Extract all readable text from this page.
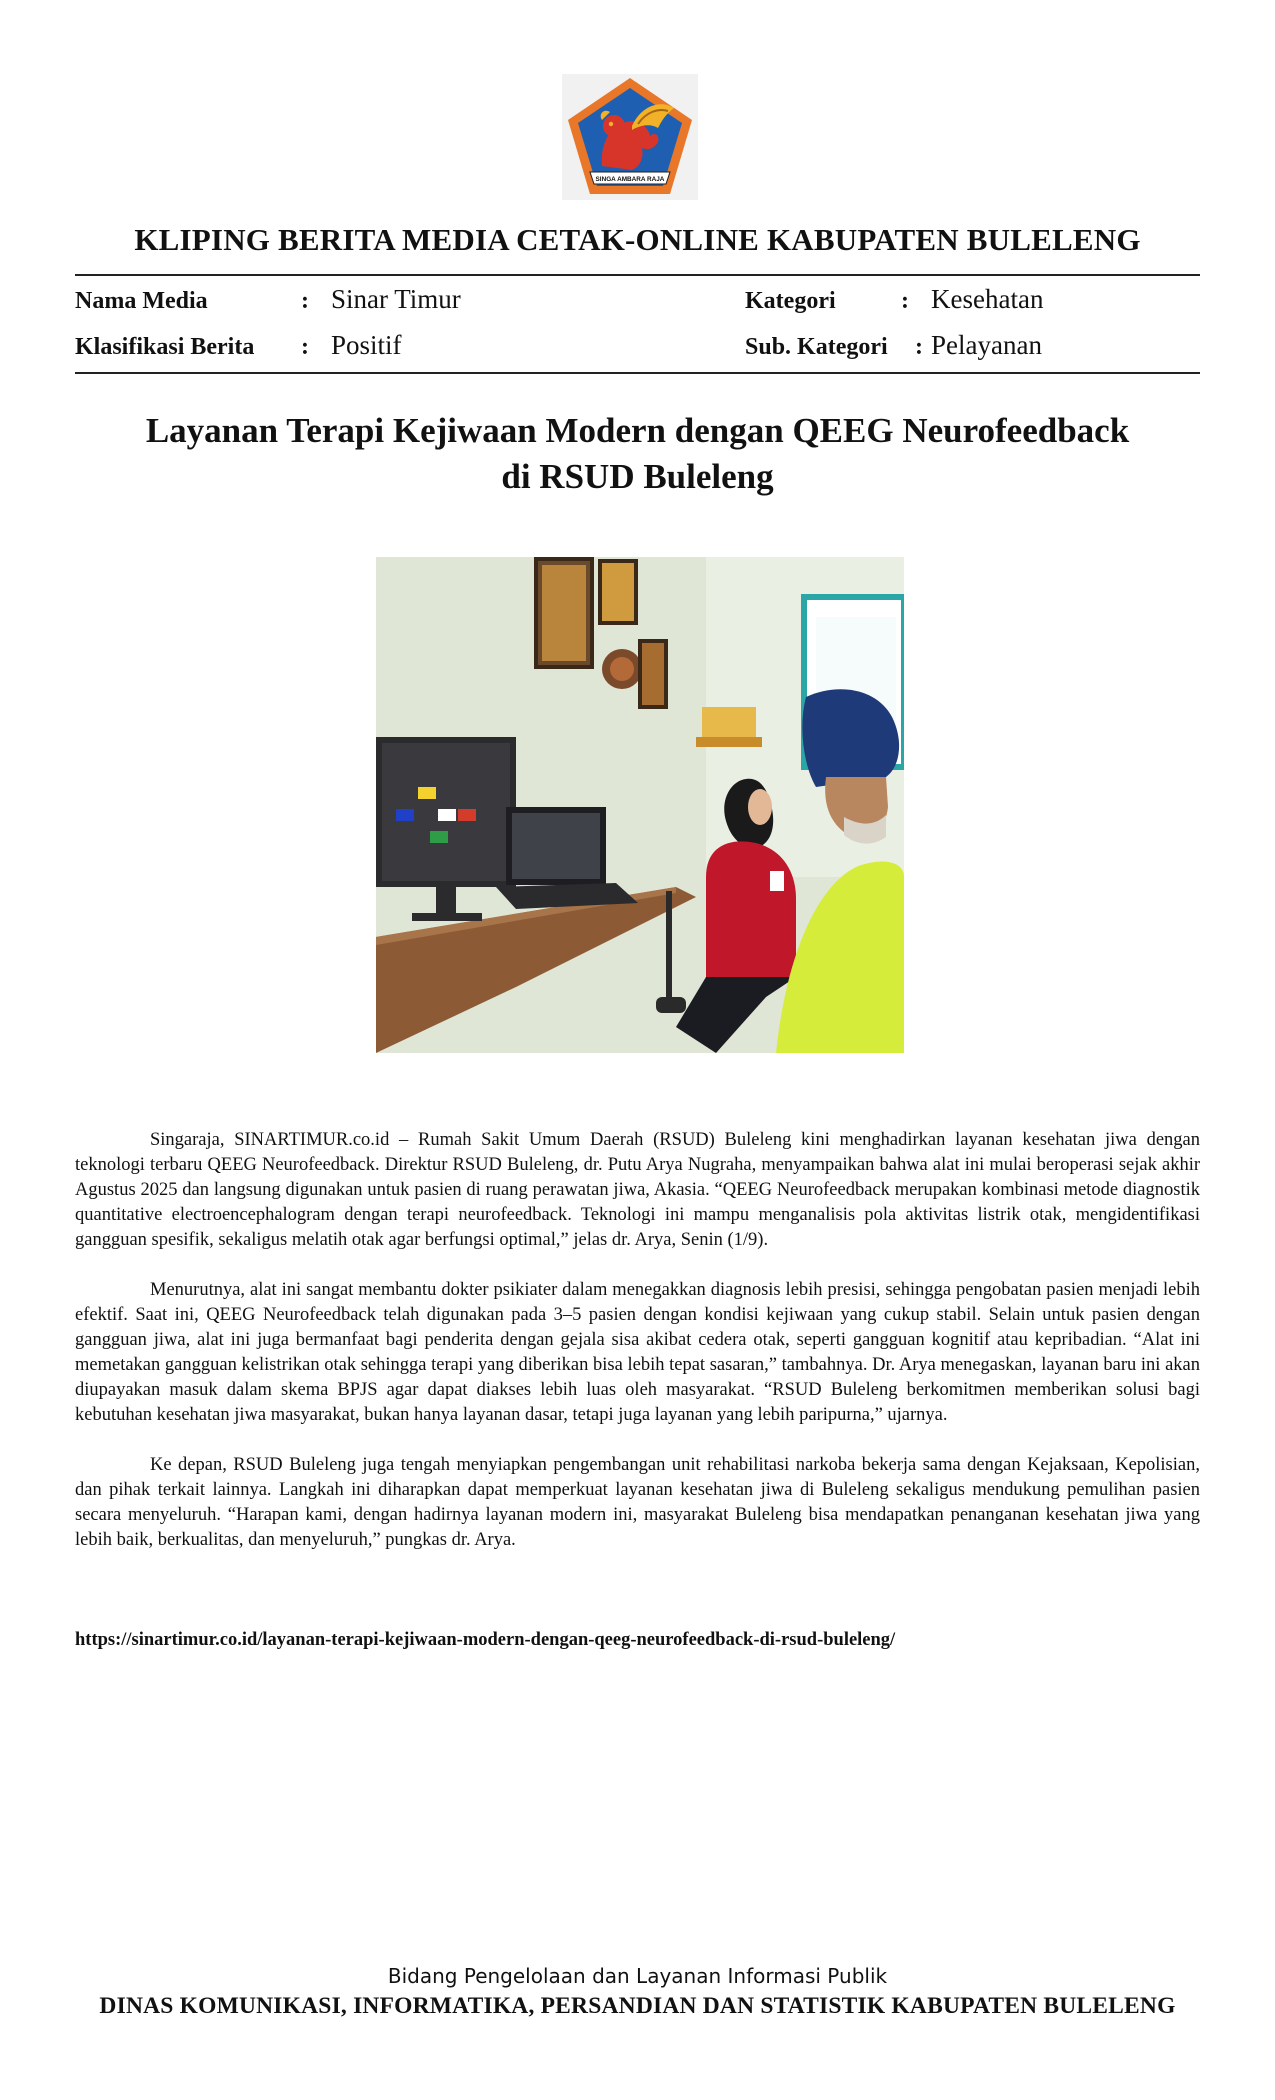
SINGA AMBARA RAJA
KLIPING BERITA MEDIA CETAK-ONLINE KABUPATEN BULELENG
Nama Media	: Sinar Timur
Klasifikasi Berita : Positif
Kategori	: Kesehatan
Sub. Kategori : Pelayanan
Layanan Terapi Kejiwaan Modern dengan QEEG Neurofeedback
di RSUD Buleleng

Singaraja, SINARTIMUR.co.id – Rumah Sakit Umum Daerah (RSUD) Buleleng kini menghadirkan layanan kesehatan jiwa dengan teknologi terbaru QEEG Neurofeedback. Direktur RSUD Buleleng, dr. Putu Arya Nugraha, menyampaikan bahwa alat ini mulai beroperasi sejak akhir Agustus 2025 dan langsung digunakan untuk pasien di ruang perawatan jiwa, Akasia. “QEEG Neurofeedback merupakan kombinasi metode diagnostik quantitative electroencephalogram dengan terapi neurofeedback. Teknologi ini mampu menganalisis pola aktivitas listrik otak, mengidentifikasi gangguan spesifik, sekaligus melatih otak agar berfungsi optimal,” jelas dr. Arya, Senin (1/9).

Menurutnya, alat ini sangat membantu dokter psikiater dalam menegakkan diagnosis lebih presisi, sehingga pengobatan pasien menjadi lebih efektif. Saat ini, QEEG Neurofeedback telah digunakan pada 3–5 pasien dengan kondisi kejiwaan yang cukup stabil. Selain untuk pasien dengan gangguan jiwa, alat ini juga bermanfaat bagi penderita dengan gejala sisa akibat cedera otak, seperti gangguan kognitif atau kepribadian. “Alat ini memetakan gangguan kelistrikan otak sehingga terapi yang diberikan bisa lebih tepat sasaran,” tambahnya. Dr. Arya menegaskan, layanan baru ini akan diupayakan masuk dalam skema BPJS agar dapat diakses lebih luas oleh masyarakat. “RSUD Buleleng berkomitmen memberikan solusi bagi kebutuhan kesehatan jiwa masyarakat, bukan hanya layanan dasar, tetapi juga layanan yang lebih paripurna,” ujarnya.

Ke depan, RSUD Buleleng juga tengah menyiapkan pengembangan unit rehabilitasi narkoba bekerja sama dengan Kejaksaan, Kepolisian, dan pihak terkait lainnya. Langkah ini diharapkan dapat memperkuat layanan kesehatan jiwa di Buleleng sekaligus mendukung pemulihan pasien secara menyeluruh. “Harapan kami, dengan hadirnya layanan modern ini, masyarakat Buleleng bisa mendapatkan penanganan kesehatan jiwa yang lebih baik, berkualitas, dan menyeluruh,” pungkas dr. Arya.

https://sinartimur.co.id/layanan-terapi-kejiwaan-modern-dengan-qeeg-neurofeedback-di-rsud-buleleng/
Bidang Pengelolaan dan Layanan Informasi Publik
DINAS KOMUNIKASI, INFORMATIKA, PERSANDIAN DAN STATISTIK KABUPATEN BULELENG
